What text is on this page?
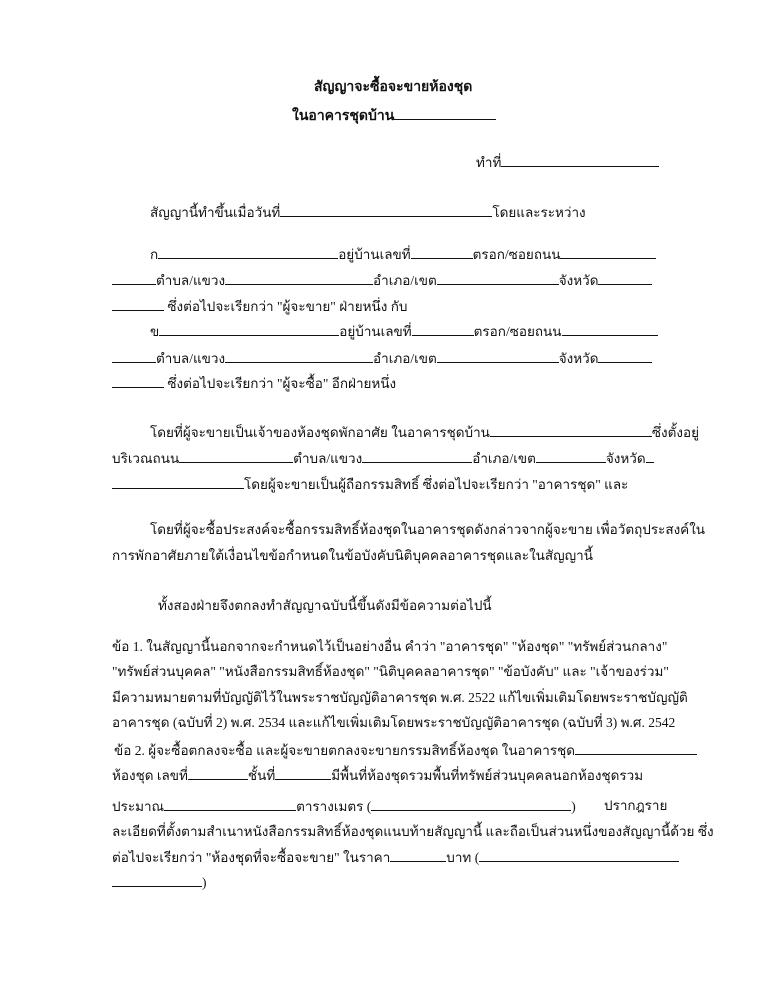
สัญญาจะซื้อจะขายห้องชุด
ในอาคารชุดบ้าน
ทำที่
สัญญานี้ทำขึ้นเมื่อวันที่	โดยและระหว่าง
ก	อยู่บ้านเลขที่	ตรอก/ซอยถนน
ตำบล/แขวง	อำเภอ/เขต	จังหวัด
ซึ่งต่อไปจะเรียกว่า "ผู้จะขาย" ฝ่ายหนึ่ง กับ
ข	อยู่บ้านเลขที่	ตรอก/ซอยถนน
ตำบล/แขวง	อำเภอ/เขต	จังหวัด
ซึ่งต่อไปจะเรียกว่า "ผู้จะซื้อ" อีกฝ่ายหนึ่ง
โดยที่ผู้จะขายเป็นเจ้าของห้องชุดพักอาศัย ในอาคารชุดบ้าน	ซึ่งตั้งอยู่
บริเวณถนน	ตำบล/แขวง	อำเภอ/เขต	จังหวัด
โดยผู้จะขายเป็นผู้ถือกรรมสิทธิ์ ซึ่งต่อไปจะเรียกว่า "อาคารชุด" และ
โดยที่ผู้จะซื้อประสงค์จะซื้อกรรมสิทธิ์ห้องชุดในอาคารชุดดังกล่าวจากผู้จะขาย เพื่อวัตถุประสงค์ใน
การพักอาศัยภายใต้เงื่อนไขข้อกำหนดในข้อบังคับนิติบุคคลอาคารชุดและในสัญญานี้
ทั้งสองฝ่ายจึงตกลงทำสัญญาฉบับนี้ขึ้นดังมีข้อความต่อไปนี้
ข้อ 1. ในสัญญานี้นอกจากจะกำหนดไว้เป็นอย่างอื่น คำว่า "อาคารชุด" "ห้องชุด" "ทรัพย์ส่วนกลาง"
"ทรัพย์ส่วนบุคคล" "หนังสือกรรมสิทธิ์ห้องชุด" "นิติบุคคลอาคารชุด" "ข้อบังคับ" และ "เจ้าของร่วม"
มีความหมายตามที่บัญญัติไว้ในพระราชบัญญัติอาคารชุด พ.ศ. 2522 แก้ไขเพิ่มเติมโดยพระราชบัญญัติ
อาคารชุด (ฉบับที่ 2) พ.ศ. 2534 และแก้ไขเพิ่มเติมโดยพระราชบัญญัติอาคารชุด (ฉบับที่ 3) พ.ศ. 2542
ข้อ 2. ผู้จะซื้อตกลงจะซื้อ และผู้จะขายตกลงจะขายกรรมสิทธิ์ห้องชุด ในอาคารชุด
ห้องชุด เลขที่	ชั้นที่	มีพื้นที่ห้องชุดรวมพื้นที่ทรัพย์ส่วนบุคคลนอกห้องชุดรวม
ประมาณ	ตารางเมตร (	) ปรากฎราย
ละเอียดที่ตั้งตามสำเนาหนังสือกรรมสิทธิ์ห้องชุดแนบท้ายสัญญานี้ และถือเป็นส่วนหนึ่งของสัญญานี้ด้วย ซึ่ง
ต่อไปจะเรียกว่า "ห้องชุดที่จะซื้อจะขาย" ในราคา	บาท (
)
